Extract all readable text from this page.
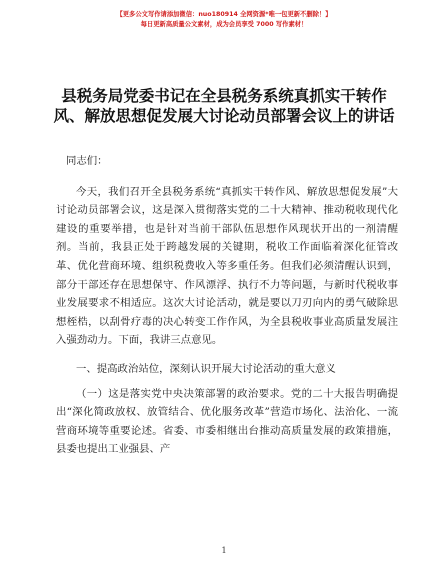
【更多公文写作请添加微信：nuo180914 全网资源*唯一包更新不删除！】
每日更新高质量公文素材，成为会员享受 7000 写作素材！
县税务局党委书记在全县税务系统真抓实干转作风、解放思想促发展大讨论动员部署会议上的讲话

同志们：

今天，我们召开全县税务系统“真抓实干转作风、解放思想促发展”大讨论动员部署会议，这是深入贯彻落实党的二十大精神、推动税收现代化建设的重要举措，也是针对当前干部队伍思想作风现状开出的一剂清醒剂。当前，我县正处于跨越发展的关键期，税收工作面临着深化征管改革、优化营商环境、组织税费收入等多重任务。但我们必须清醒认识到，部分干部还存在思想保守、作风漂浮、执行不力等问题，与新时代税收事业发展要求不相适应。这次大讨论活动，就是要以刀刃向内的勇气破除思想桎梏，以刮骨疗毒的决心转变工作作风，为全县税收事业高质量发展注入强劲动力。下面，我讲三点意见。

一、提高政治站位，深刻认识开展大讨论活动的重大意义

（一）这是落实党中央决策部署的政治要求。党的二十大报告明确提出“深化简政放权、放管结合、优化服务改革”营造市场化、法治化、一流营商环境等重要论述。省委、市委相继出台推动高质量发展的政策措施，县委也提出工业强县、产

1
